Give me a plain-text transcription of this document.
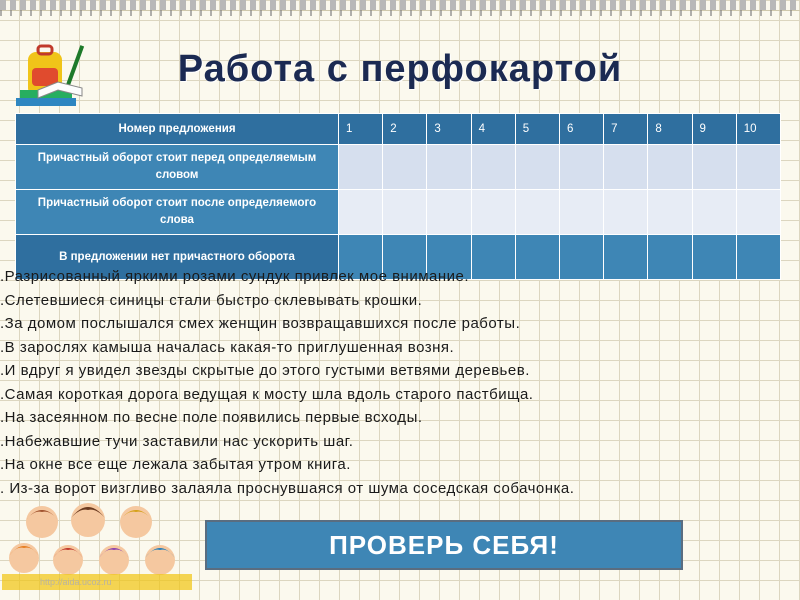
Работа с перфокартой
Номер предложения	1	2	3	4	5	6	7	8	9	10
Причастный оборот стоит перед определяемым словом										
Причастный оборот стоит после определяемого слова										
В предложении нет причастного оборота										
.Разрисованный яркими розами сундук привлек мое внимание.
.Слетевшиеся синицы стали быстро склевывать крошки.
.За домом послышался смех женщин возвращавшихся после работы.
.В зарослях камыша началась какая-то приглушенная возня.
.И вдруг я увидел звезды скрытые до этого густыми ветвями деревьев.
.Самая короткая дорога ведущая к мосту шла вдоль старого пастбища.
.На засеянном по весне поле появились первые всходы.
.Набежавшие тучи заставили нас ускорить шаг.
.На окне все еще лежала забытая утром книга.
. Из-за ворот визгливо залаяла проснувшаяся от шума соседская собачонка.
http://aida.ucoz.ru
ПРОВЕРЬ СЕБЯ!
